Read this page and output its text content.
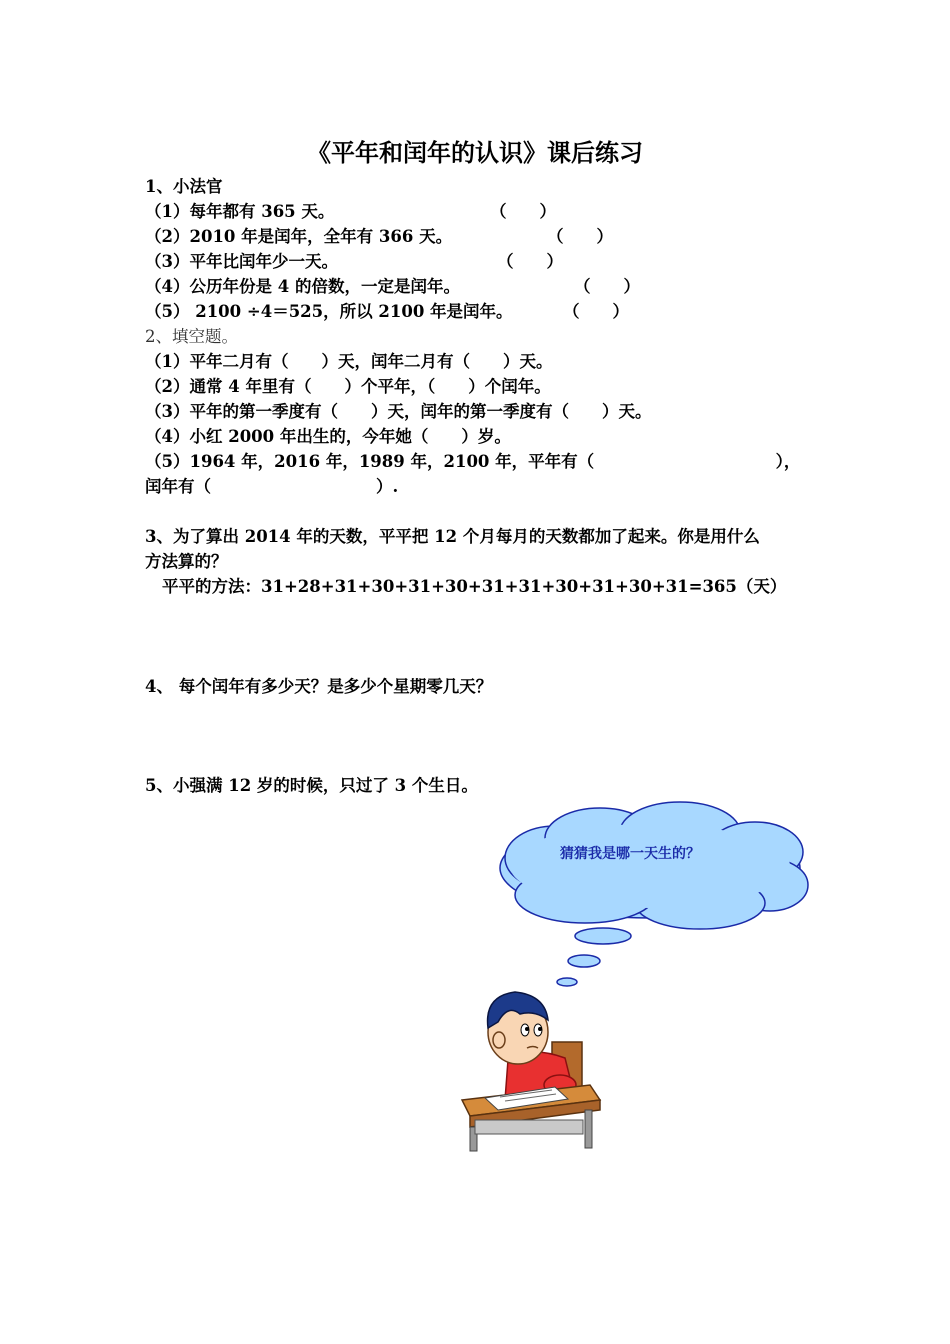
《平年和闰年的认识》课后练习
1、小法官
（1）每年都有 365 天。	（　　）
（2）2010 年是闰年，全年有 366 天。	（　　）
（3）平年比闰年少一天。	（　　）
（4）公历年份是 4 的倍数，一定是闰年。	（　　）
（5） 2100 ÷4＝525，所以 2100 年是闰年。	（　　）
2、填空题。
（1）平年二月有（　　）天，闰年二月有（　　）天。
（2）通常 4 年里有（　　）个平年，（　　）个闰年。
（3）平年的第一季度有（　　）天，闰年的第一季度有（　　）天。
（4）小红 2000 年出生的，今年她（　　）岁。
（5）1964 年，2016 年，1989 年，2100 年，平年有（　　　　　　　　　　　），
闰年有（　　　　　　　　　　）.
3、为了算出 2014 年的天数，平平把 12 个月每月的天数都加了起来。你是用什么
方法算的？
平平的方法：31+28+31+30+31+30+31+31+30+31+30+31=365（天）
4、 每个闰年有多少天？是多少个星期零几天？
5、小强满 12 岁的时候，只过了 3 个生日。
猜猜我是哪一天生的？
